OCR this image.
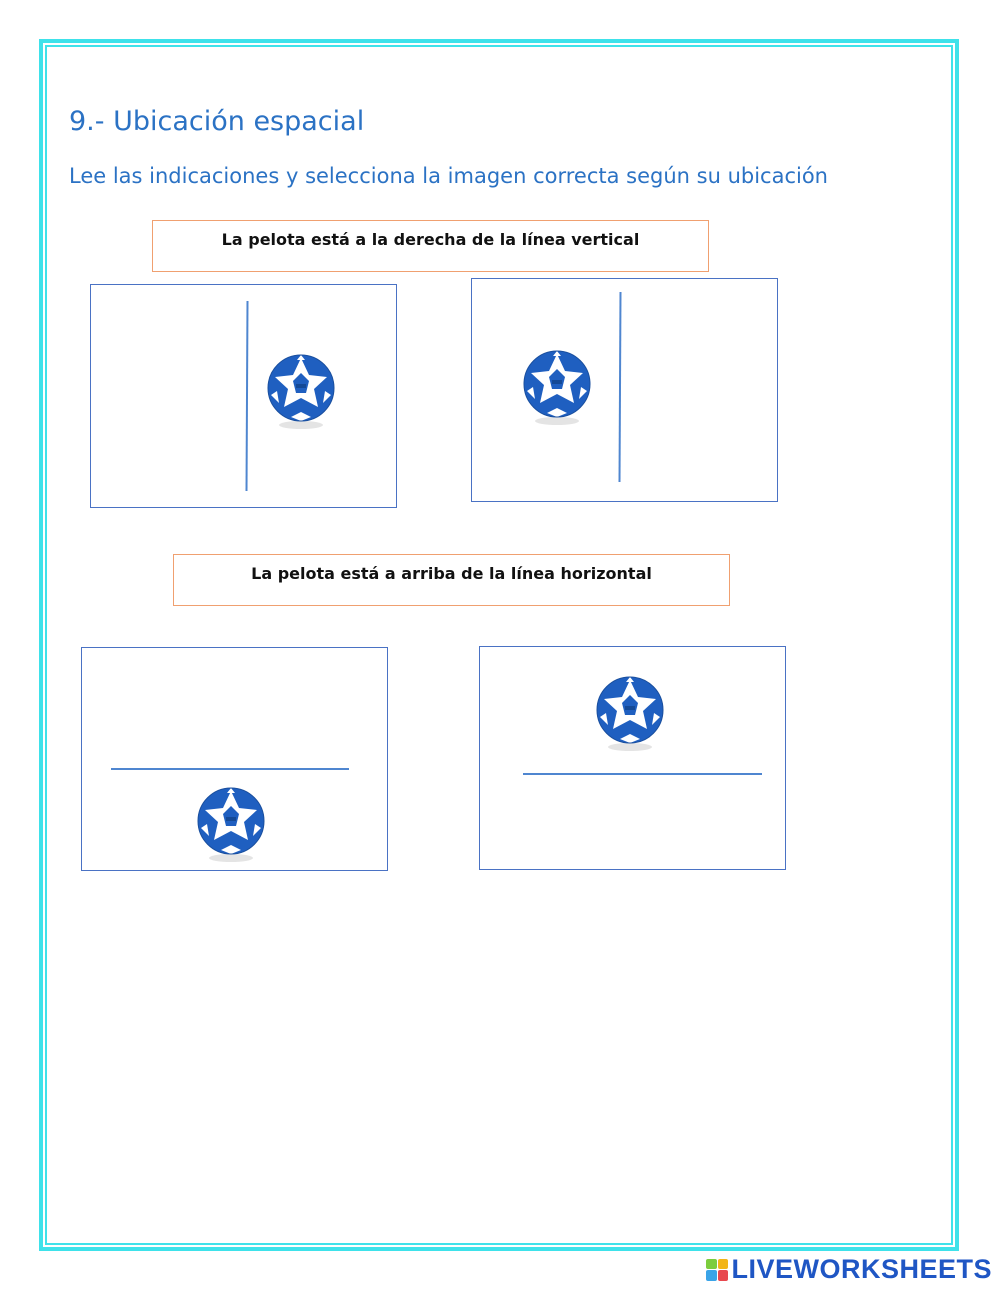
9.- Ubicación espacial
Lee las indicaciones y selecciona la imagen correcta según su ubicación
La pelota está a la derecha de la línea vertical
La pelota está a arriba de la línea horizontal
LIVEWORKSHEETS
